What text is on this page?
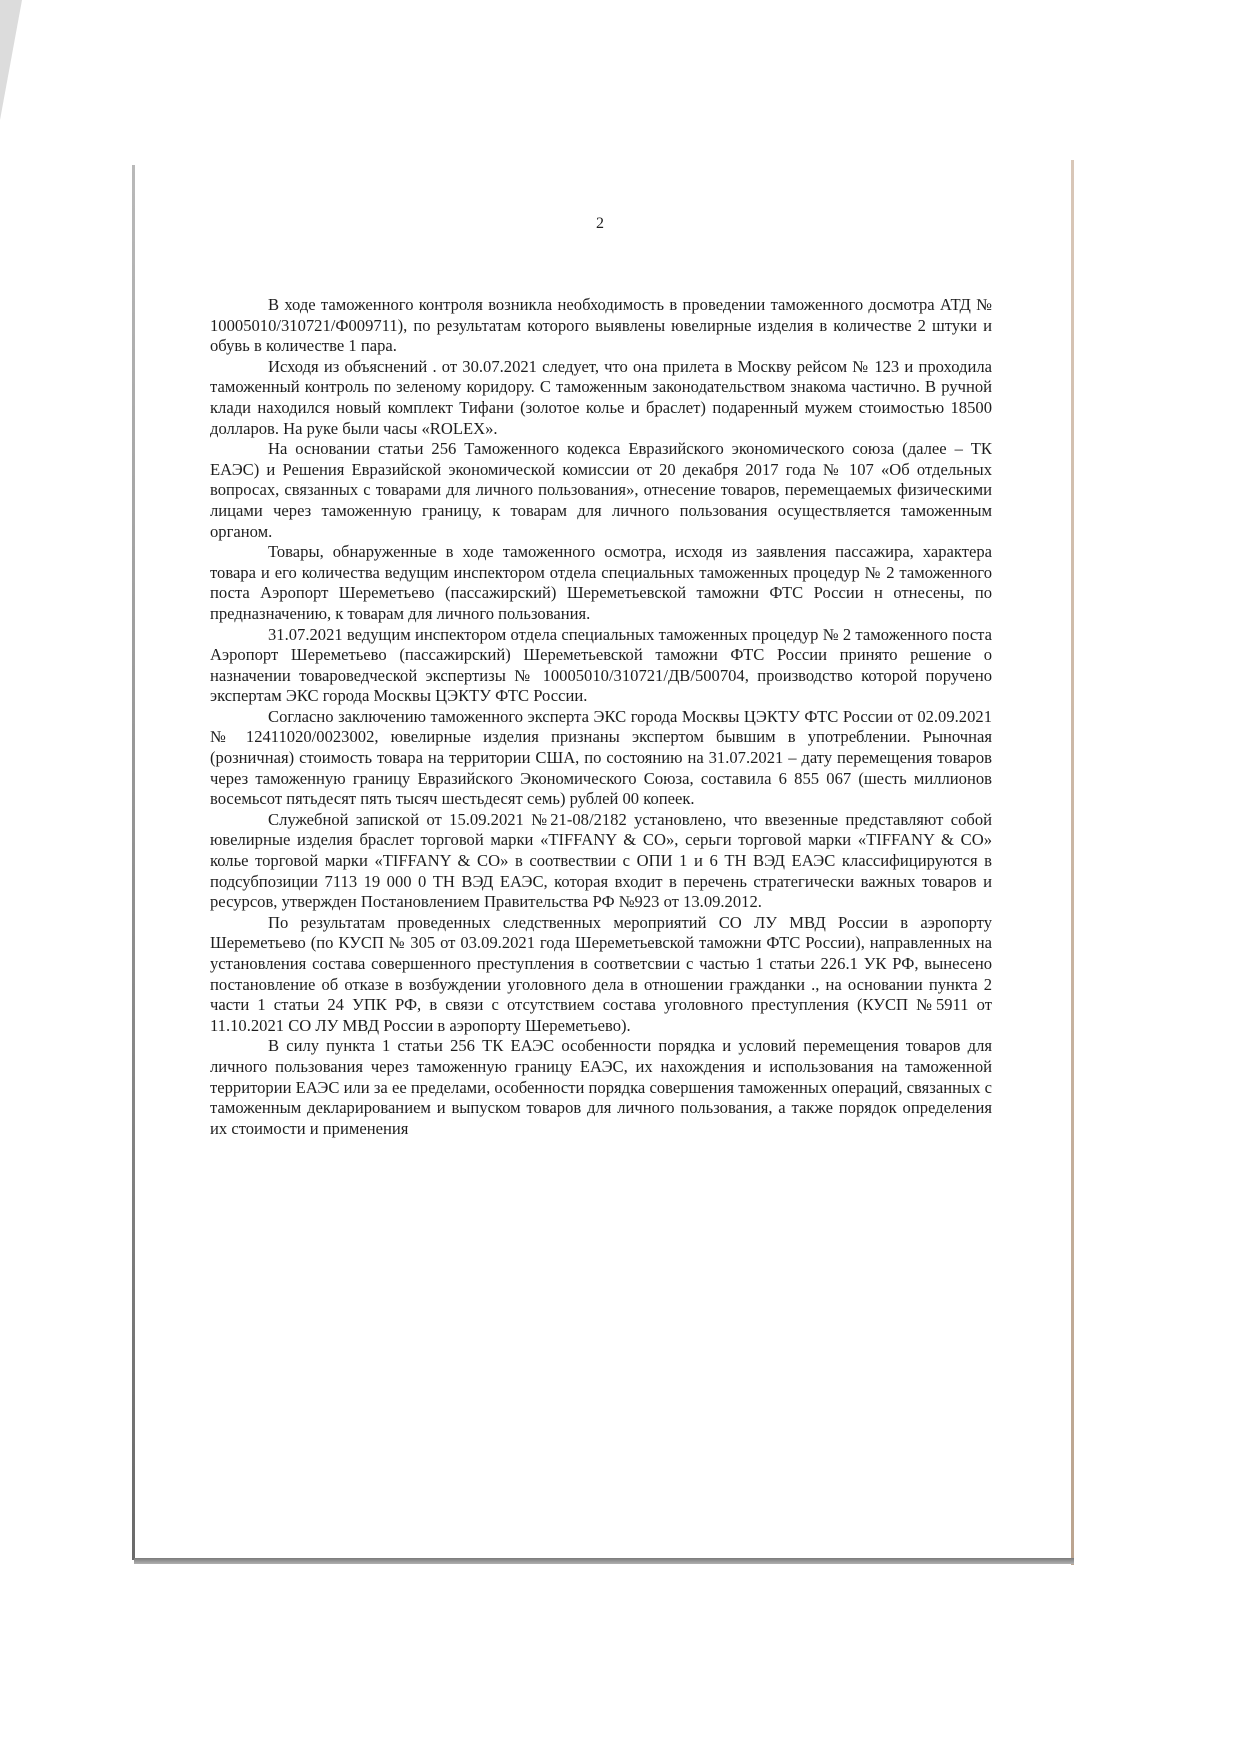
2

В ходе таможенного контроля возникла необходимость в проведении таможенного досмотра АТД № 10005010/310721/Ф009711), по результатам которого выявлены ювелирные изделия в количестве 2 штуки и обувь в количестве 1 пара.

Исходя из объяснений . от 30.07.2021 следует, что она прилета в Москву рейсом № 123 и проходила таможенный контроль по зеленому коридору. С таможенным законодательством знакома частично. В ручной клади находился новый комплект Тифани (золотое колье и браслет) подаренный мужем стоимостью 18500 долларов. На руке были часы «ROLEX».

На основании статьи 256 Таможенного кодекса Евразийского экономического союза (далее – ТК ЕАЭС) и Решения Евразийской экономической комиссии от 20 декабря 2017 года № 107 «Об отдельных вопросах, связанных с товарами для личного пользования», отнесение товаров, перемещаемых физическими лицами через таможенную границу, к товарам для личного пользования осуществляется таможенным органом.

Товары, обнаруженные в ходе таможенного осмотра, исходя из заявления пассажира, характера товара и его количества ведущим инспектором отдела специальных таможенных процедур № 2 таможенного поста Аэропорт Шереметьево (пассажирский) Шереметьевской таможни ФТС России н отнесены, по предназначению, к товарам для личного пользования.

31.07.2021 ведущим инспектором отдела специальных таможенных процедур № 2 таможенного поста Аэропорт Шереметьево (пассажирский) Шереметьевской таможни ФТС России принято решение о назначении товароведческой экспертизы № 10005010/310721/ДВ/500704, производство которой поручено экспертам ЭКС города Москвы ЦЭКТУ ФТС России.

Согласно заключению таможенного эксперта ЭКС города Москвы ЦЭКТУ ФТС России от 02.09.2021 № 12411020/0023002, ювелирные изделия признаны экспертом бывшим в употреблении. Рыночная (розничная) стоимость товара на территории США, по состоянию на 31.07.2021 – дату перемещения товаров через таможенную границу Евразийского Экономического Союза, составила 6 855 067 (шесть миллионов восемьсот пятьдесят пять тысяч шестьдесят семь) рублей 00 копеек.

Служебной запиской от 15.09.2021 №21-08/2182 установлено, что ввезенные представляют собой ювелирные изделия браслет торговой марки «TIFFANY & CO», серьги торговой марки «TIFFANY & CO» колье торговой марки «TIFFANY & CO» в соотвествии с ОПИ 1 и 6 ТН ВЭД ЕАЭС классифицируются в подсубпозиции 7113 19 000 0 ТН ВЭД ЕАЭС, которая входит в перечень стратегически важных товаров и ресурсов, утвержден Постановлением Правительства РФ №923 от 13.09.2012.

По результатам проведенных следственных мероприятий СО ЛУ МВД России в аэропорту Шереметьево (по КУСП № 305 от 03.09.2021 года Шереметьевской таможни ФТС России), направленных на установления состава совершенного преступления в соответсвии с частью 1 статьи 226.1 УК РФ, вынесено постановление об отказе в возбуждении уголовного дела в отношении гражданки ., на основании пункта 2 части 1 статьи 24 УПК РФ, в связи с отсутствием состава уголовного преступления (КУСП №5911 от 11.10.2021 СО ЛУ МВД России в аэропорту Шереметьево).

В силу пункта 1 статьи 256 ТК ЕАЭС особенности порядка и условий перемещения товаров для личного пользования через таможенную границу ЕАЭС, их нахождения и использования на таможенной территории ЕАЭС или за ее пределами, особенности порядка совершения таможенных операций, связанных с таможенным декларированием и выпуском товаров для личного пользования, а также порядок определения их стоимости и применения
